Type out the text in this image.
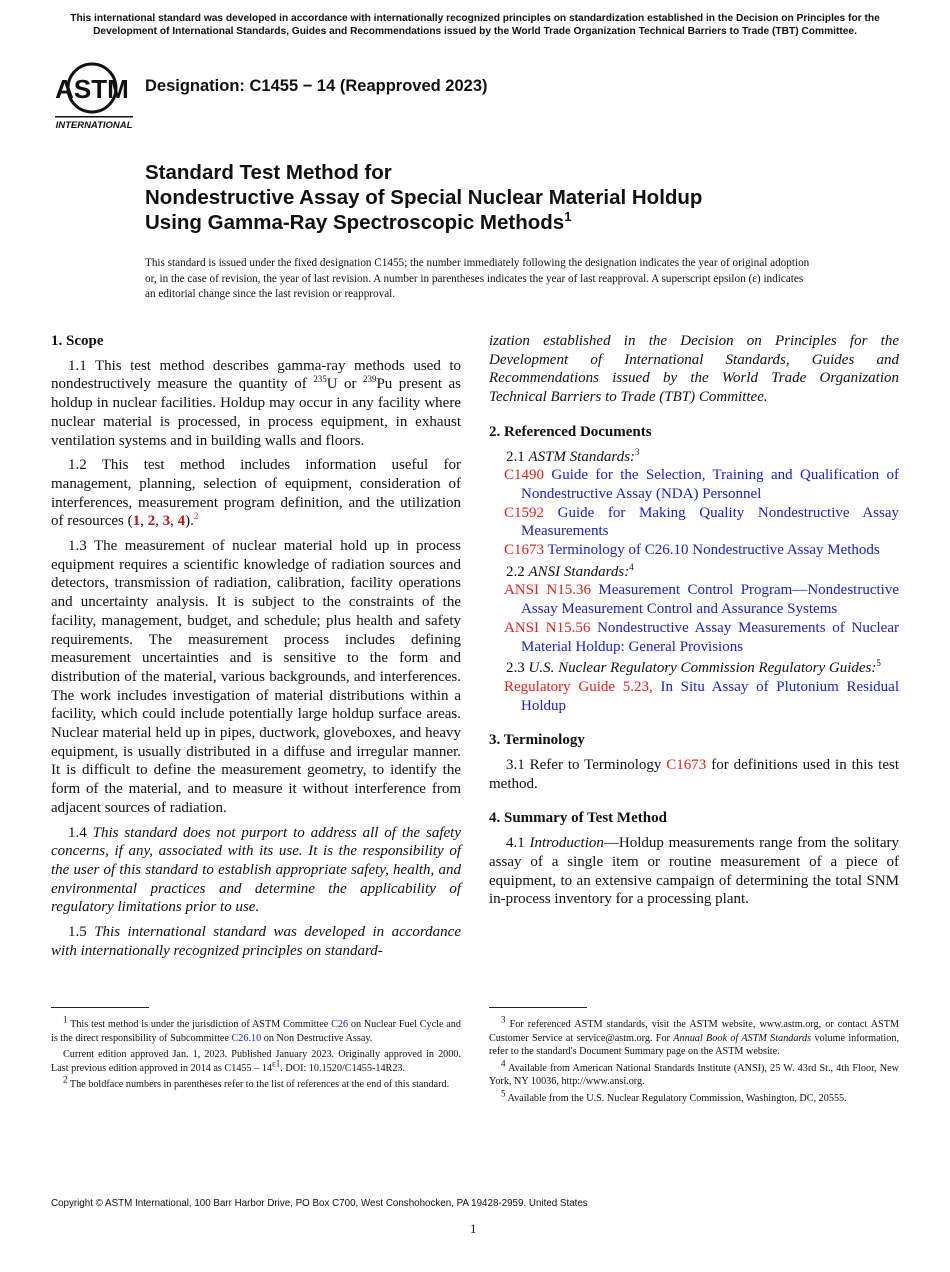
This international standard was developed in accordance with internationally recognized principles on standardization established in the Decision on Principles for the Development of International Standards, Guides and Recommendations issued by the World Trade Organization Technical Barriers to Trade (TBT) Committee.
ASTM
INTERNATIONAL
Designation: C1455 − 14 (Reapproved 2023)
Standard Test Method for
Nondestructive Assay of Special Nuclear Material Holdup
Using Gamma-Ray Spectroscopic Methods$^1$
This standard is issued under the fixed designation C1455; the number immediately following the designation indicates the year of original adoption or, in the case of revision, the year of last revision. A number in parentheses indicates the year of last reapproval. A superscript epsilon (ε) indicates an editorial change since the last revision or reapproval.

1. Scope

1.1 This test method describes gamma-ray methods used to nondestructively measure the quantity of $^{235}$U or $^{239}$Pu present as holdup in nuclear facilities. Holdup may occur in any facility where nuclear material is processed, in process equipment, in exhaust ventilation systems and in building walls and floors.

1.2 This test method includes information useful for management, planning, selection of equipment, consideration of interferences, measurement program definition, and the utilization of resources (1, 2, 3, 4).$^2$

1.3 The measurement of nuclear material hold up in process equipment requires a scientific knowledge of radiation sources and detectors, transmission of radiation, calibration, facility operations and uncertainty analysis. It is subject to the constraints of the facility, management, budget, and schedule; plus health and safety requirements. The measurement process includes defining measurement uncertainties and is sensitive to the form and distribution of the material, various backgrounds, and interferences. The work includes investigation of material distributions within a facility, which could include potentially large holdup surface areas. Nuclear material held up in pipes, ductwork, gloveboxes, and heavy equipment, is usually distributed in a diffuse and irregular manner. It is difficult to define the measurement geometry, to identify the form of the material, and to measure it without interference from adjacent sources of radiation.

1.4 This standard does not purport to address all of the safety concerns, if any, associated with its use. It is the responsibility of the user of this standard to establish appropriate safety, health, and environmental practices and determine the applicability of regulatory limitations prior to use.

1.5 This international standard was developed in accordance with internationally recognized principles on standard-

ization established in the Decision on Principles for the Development of International Standards, Guides and Recommendations issued by the World Trade Organization Technical Barriers to Trade (TBT) Committee.

2. Referenced Documents

2.1 ASTM Standards:$^3$

C1490 Guide for the Selection, Training and Qualification of Nondestructive Assay (NDA) Personnel

C1592 Guide for Making Quality Nondestructive Assay Measurements

C1673 Terminology of C26.10 Nondestructive Assay Methods

2.2 ANSI Standards:$^4$

ANSI N15.36 Measurement Control Program—Nondestructive Assay Measurement Control and Assurance Systems

ANSI N15.56 Nondestructive Assay Measurements of Nuclear Material Holdup: General Provisions

2.3 U.S. Nuclear Regulatory Commission Regulatory Guides:$^5$

Regulatory Guide 5.23, In Situ Assay of Plutonium Residual Holdup

3. Terminology

3.1 Refer to Terminology C1673 for definitions used in this test method.

4. Summary of Test Method

4.1 Introduction—Holdup measurements range from the solitary assay of a single item or routine measurement of a piece of equipment, to an extensive campaign of determining the total SNM in-process inventory for a processing plant.

$^1$ This test method is under the jurisdiction of ASTM Committee C26 on Nuclear Fuel Cycle and is the direct responsibility of Subcommittee C26.10 on Non Destructive Assay.

Current edition approved Jan. 1, 2023. Published January 2023. Originally approved in 2000. Last previous edition approved in 2014 as $C1455 - 14^{\varepsilon 1}$. DOI: 10.1520/C1455-14R23.

$^2$ The boldface numbers in parentheses refer to the list of references at the end of this standard.

$^3$ For referenced ASTM standards, visit the ASTM website, www.astm.org, or contact ASTM Customer Service at service@astm.org. For Annual Book of ASTM Standards volume information, refer to the standard's Document Summary page on the ASTM website.

$^4$ Available from American National Standards Institute (ANSI), 25 W. 43rd St., 4th Floor, New York, NY 10036, http://www.ansi.org.

$^5$ Available from the U.S. Nuclear Regulatory Commission, Washington, DC, 20555.

Copyright © ASTM International, 100 Barr Harbor Drive, PO Box C700, West Conshohocken, PA 19428-2959. United States
1
